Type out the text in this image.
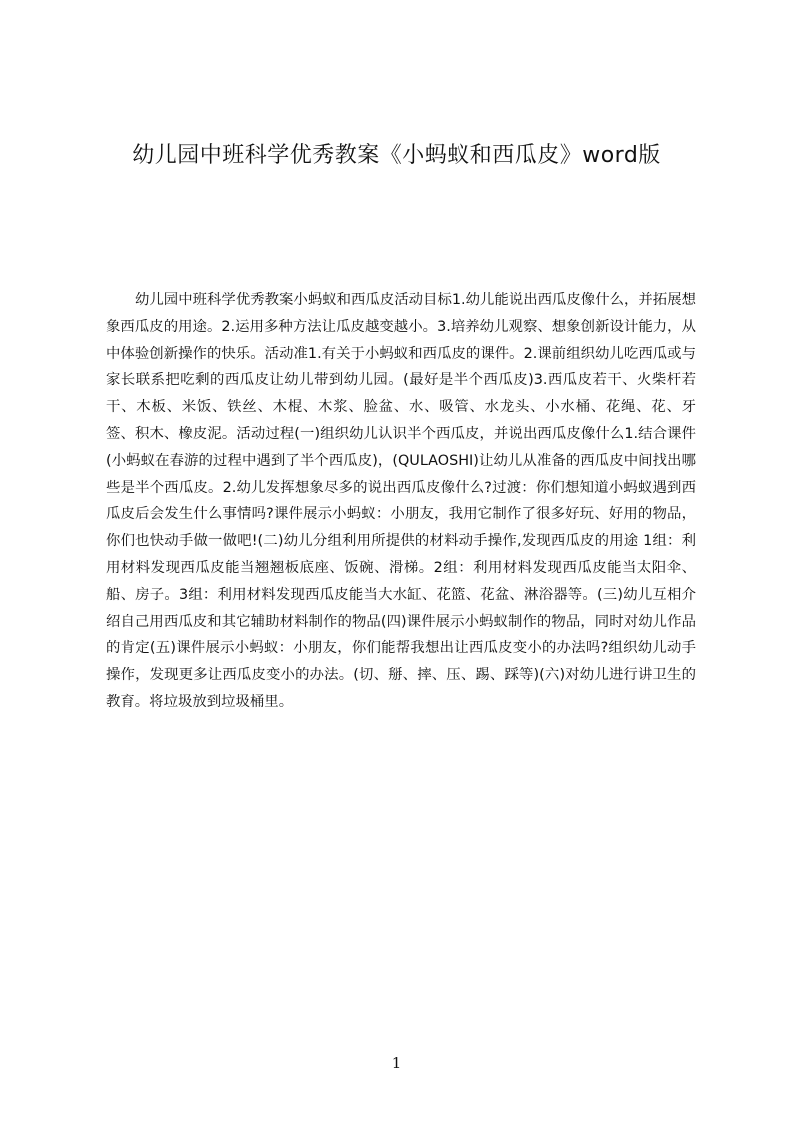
幼儿园中班科学优秀教案《小蚂蚁和西瓜皮》word版

幼儿园中班科学优秀教案小蚂蚁和西瓜皮活动目标1.幼儿能说出西瓜皮像什么，并拓展想象西瓜皮的用途。2.运用多种方法让瓜皮越变越小。3.培养幼儿观察、想象创新设计能力，从中体验创新操作的快乐。活动准1.有关于小蚂蚁和西瓜皮的课件。2.课前组织幼儿吃西瓜或与家长联系把吃剩的西瓜皮让幼儿带到幼儿园。(最好是半个西瓜皮)3.西瓜皮若干、火柴杆若干、木板、米饭、铁丝、木棍、木浆、脸盆、水、吸管、水龙头、小水桶、花绳、花、牙签、积木、橡皮泥。活动过程(一)组织幼儿认识半个西瓜皮，并说出西瓜皮像什么1.结合课件(小蚂蚁在春游的过程中遇到了半个西瓜皮)，(QULAOSHI)让幼儿从准备的西瓜皮中间找出哪些是半个西瓜皮。2.幼儿发挥想象尽多的说出西瓜皮像什么?过渡：你们想知道小蚂蚁遇到西瓜皮后会发生什么事情吗?课件展示小蚂蚁：小朋友，我用它制作了很多好玩、好用的物品，你们也快动手做一做吧!(二)幼儿分组利用所提供的材料动手操作,发现西瓜皮的用途 1组：利用材料发现西瓜皮能当翘翘板底座、饭碗、滑梯。2组：利用材料发现西瓜皮能当太阳伞、船、房子。3组：利用材料发现西瓜皮能当大水缸、花篮、花盆、淋浴器等。(三)幼儿互相介绍自己用西瓜皮和其它辅助材料制作的物品(四)课件展示小蚂蚁制作的物品，同时对幼儿作品的肯定(五)课件展示小蚂蚁：小朋友，你们能帮我想出让西瓜皮变小的办法吗?组织幼儿动手操作，发现更多让西瓜皮变小的办法。(切、掰、摔、压、踢、踩等)(六)对幼儿进行讲卫生的教育。将垃圾放到垃圾桶里。

1
